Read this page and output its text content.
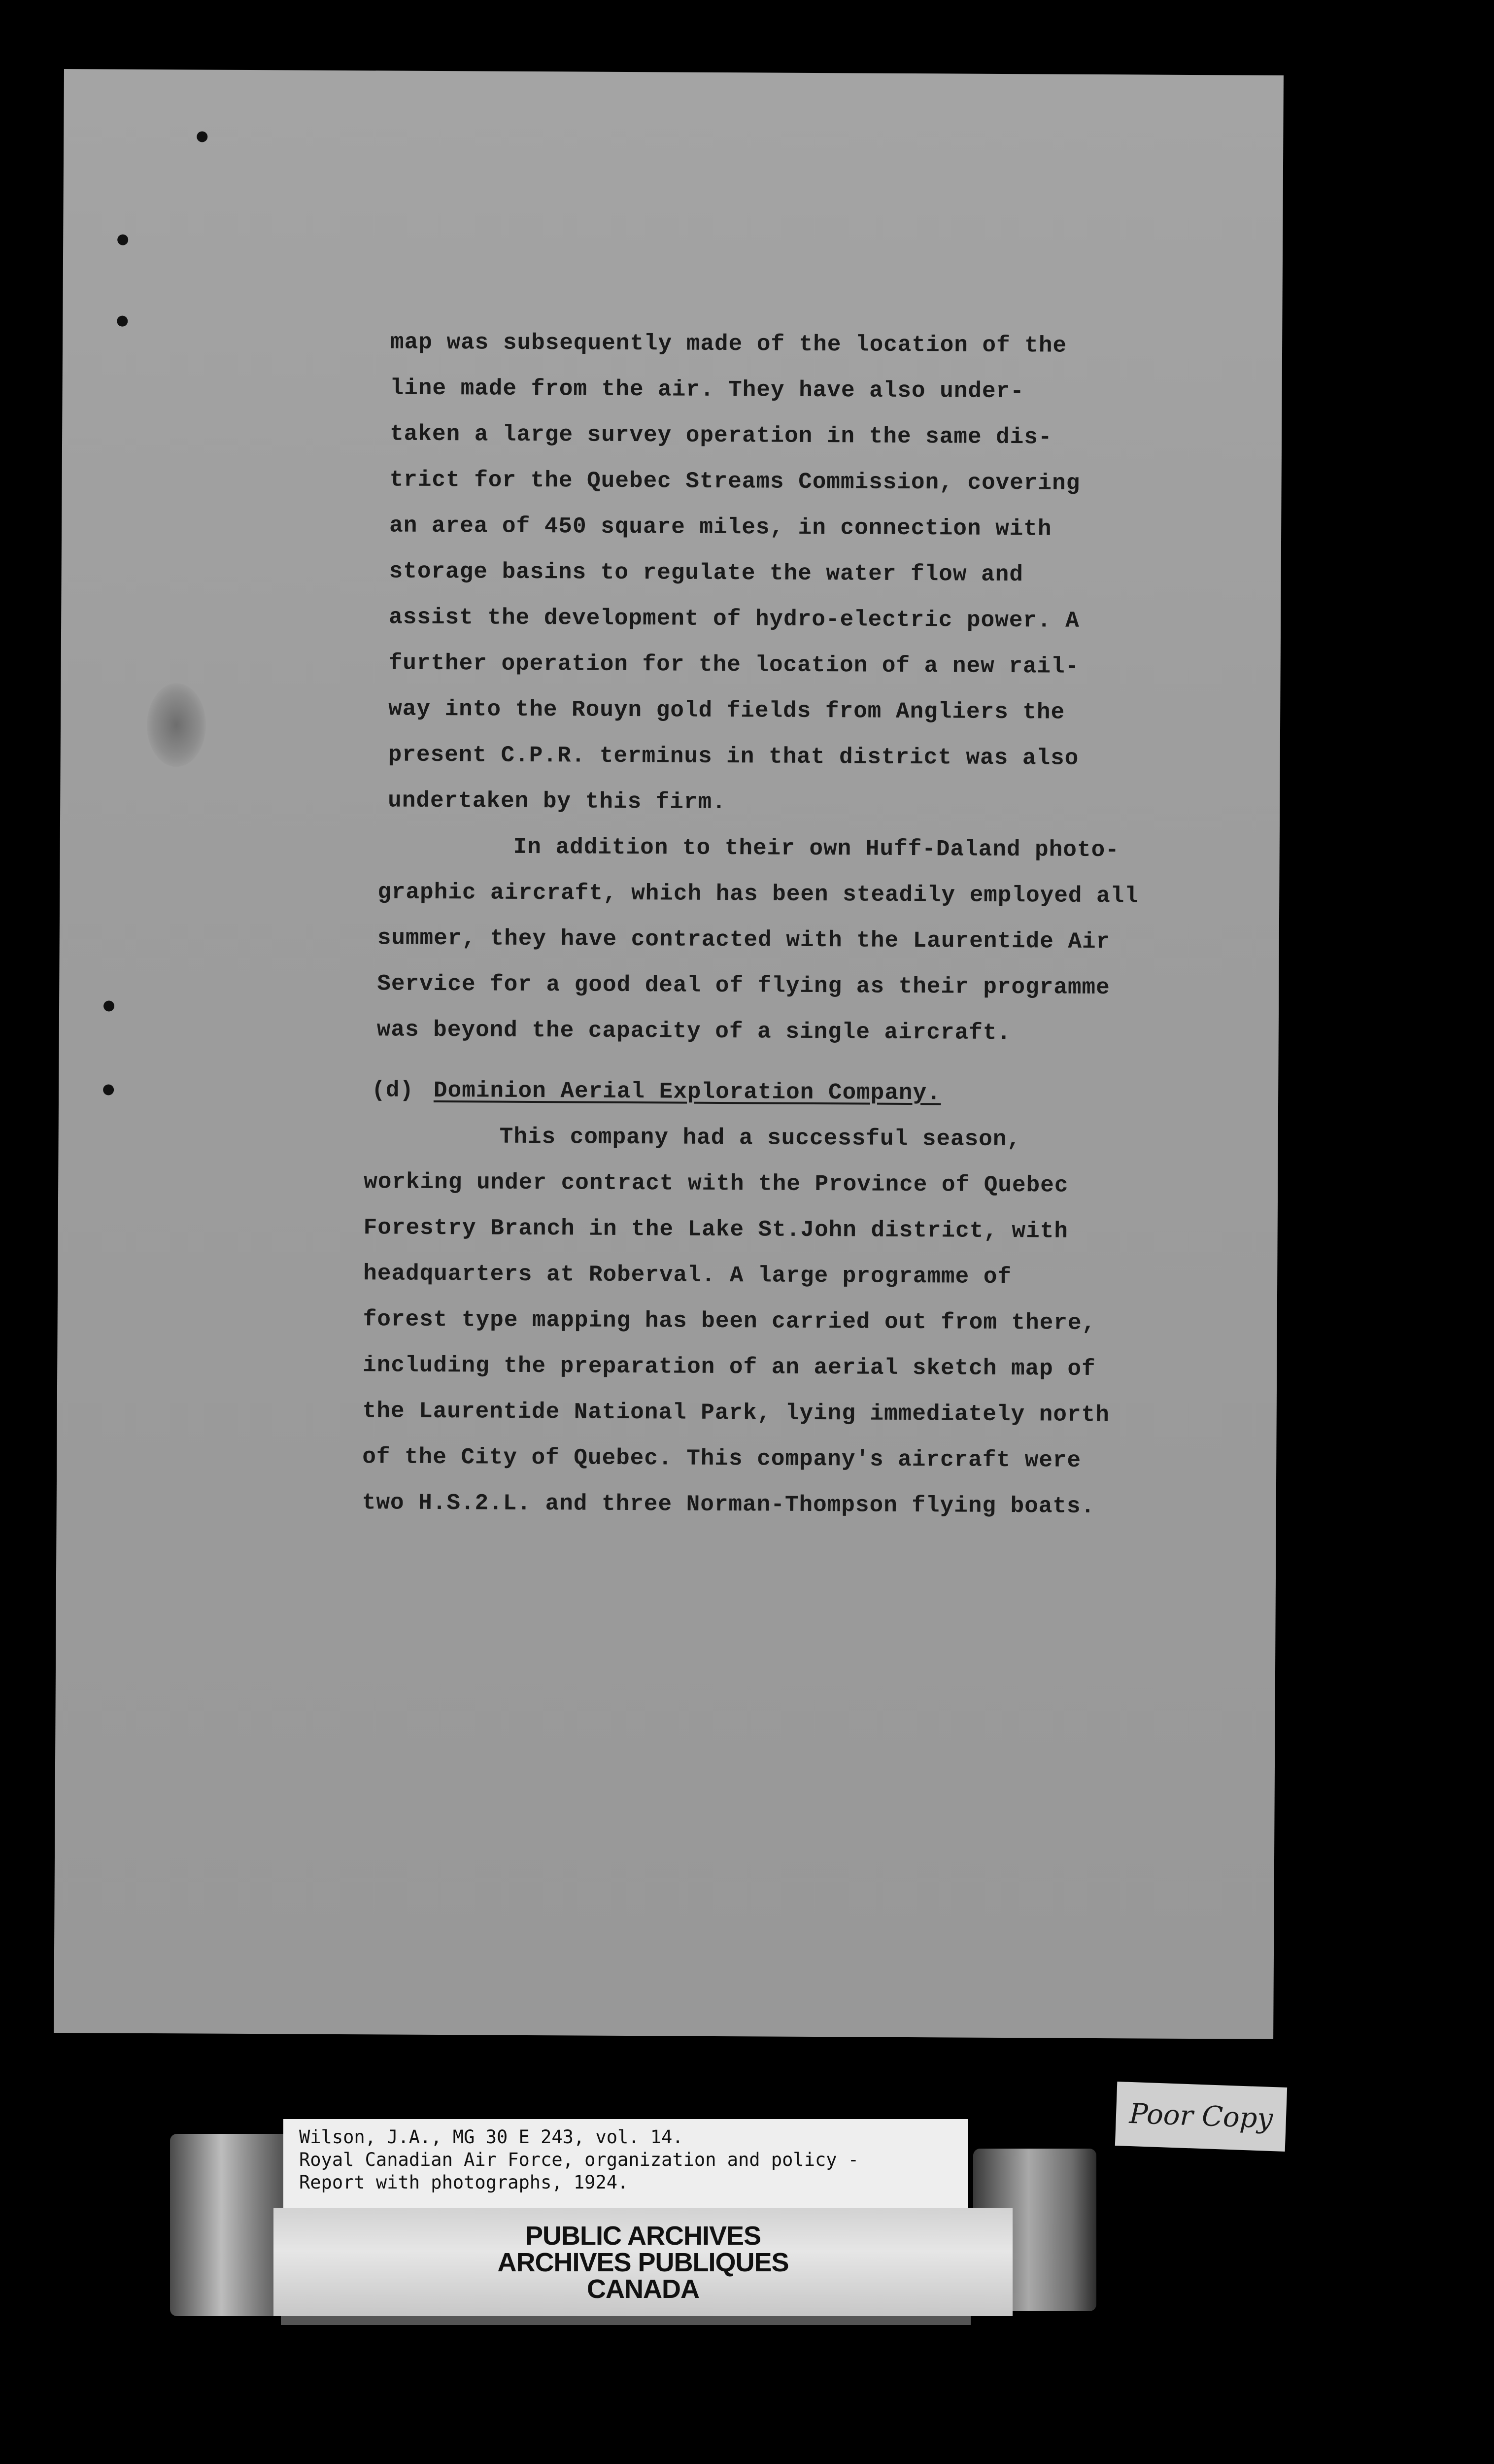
map was subsequently made of the location of the
line made from the air. They have also under-
taken a large survey operation in the same dis-
trict for the Quebec Streams Commission, covering
an area of 450 square miles, in connection with
storage basins to regulate the water flow and
assist the development of hydro-electric power. A
further operation for the location of a new rail-
way into the Rouyn gold fields from Angliers the
present C.P.R. terminus in that district was also
undertaken by this firm.
In addition to their own Huff-Daland photo-
graphic aircraft, which has been steadily employed all
summer, they have contracted with the Laurentide Air
Service for a good deal of flying as their programme
was beyond the capacity of a single aircraft.
(d) Dominion Aerial Exploration Company.
This company had a successful season,
working under contract with the Province of Quebec
Forestry Branch in the Lake St.John district, with
headquarters at Roberval. A large programme of
forest type mapping has been carried out from there,
including the preparation of an aerial sketch map of
the Laurentide National Park, lying immediately north
of the City of Quebec. This company's aircraft were
two H.S.2.L. and three Norman-Thompson flying boats.
Poor Copy
Wilson, J.A., MG 30 E 243, vol. 14.
Royal Canadian Air Force, organization and policy -
Report with photographs, 1924.
PUBLIC ARCHIVES
ARCHIVES PUBLIQUES
CANADA
